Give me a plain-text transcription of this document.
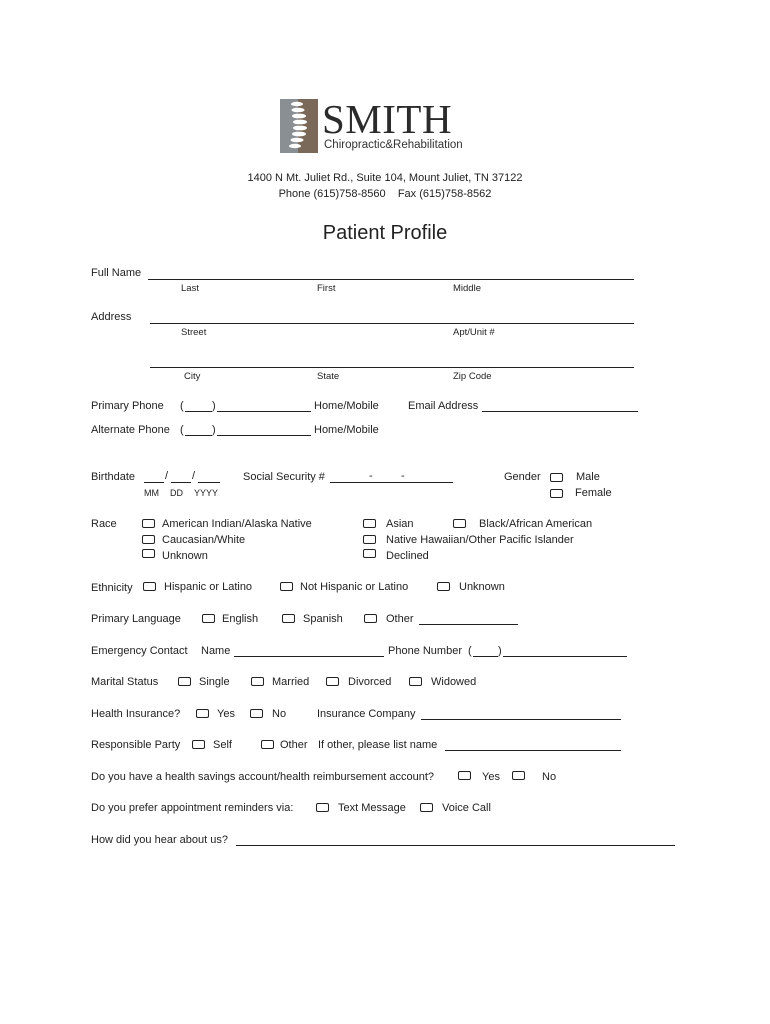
SMITH
Chiropractic&Rehabilitation
1400 N Mt. Juliet Rd., Suite 104, Mount Juliet, TN 37122
Phone (615)758-8560    Fax (615)758-8562
Patient Profile
Full Name
Last	First	Middle
Address
Street	Apt/Unit #
City	State	Zip Code
Primary Phone (	)	Home/Mobile	Email Address
Alternate Phone (	)	Home/Mobile
Birthdate	/ /
MM DD YYYY
Social Security #	-	-	Gender	Male
Female
Race	American Indian/Alaska Native	Asian	Black/African American
Caucasian/White	Native Hawaiian/Other Pacific Islander
Unknown	Declined
Ethnicity	Hispanic or Latino	Not Hispanic or Latino	Unknown
Primary Language	English	Spanish	Other
Emergency Contact Name	Phone Number ( )
Marital Status	Single	Married	Divorced	Widowed
Health Insurance?	Yes	No	Insurance Company
Responsible Party	Self	Other If other, please list name
Do you have a health savings account/health reimbursement account?	Yes	No
Do you prefer appointment reminders via:	Text Message	Voice Call
How did you hear about us?
